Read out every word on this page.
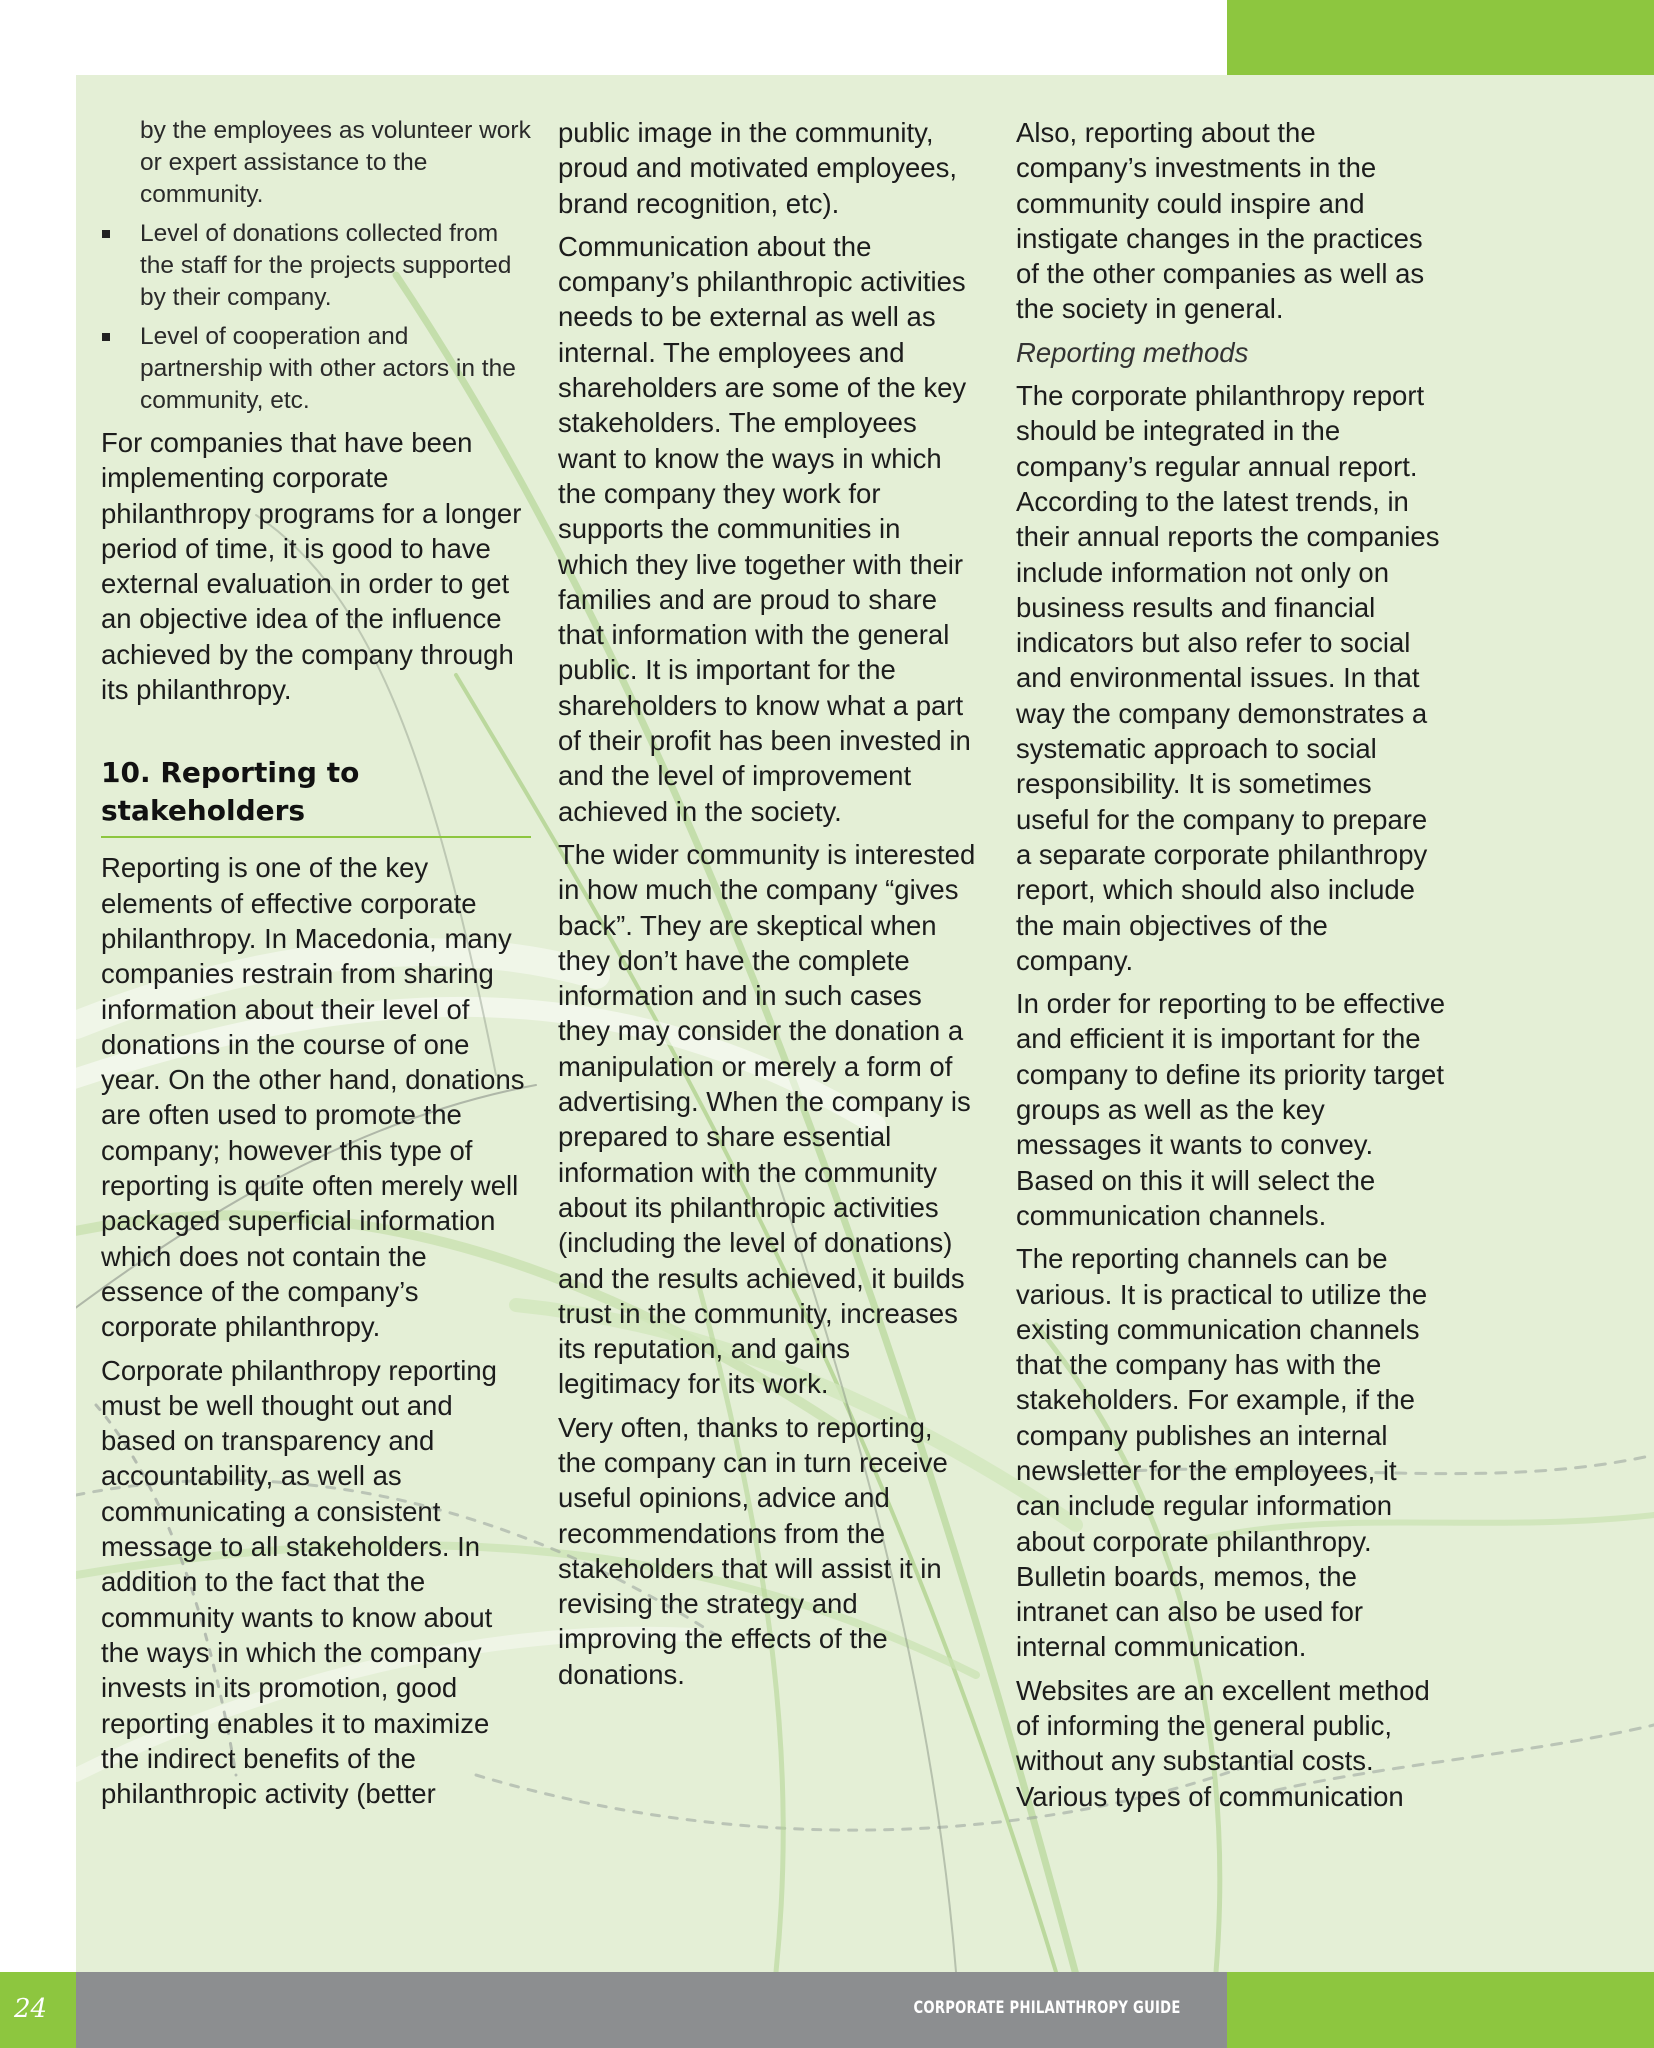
by the employees as volunteer work or expert assistance to the community.
Level of donations collected from the staff for the projects supported by their company.
Level of cooperation and partnership with other actors in the community, etc.

For companies that have been implementing corporate philanthropy programs for a longer period of time, it is good to have external evaluation in order to get an objective idea of the influence achieved by the company through its philanthropy.

10. Reporting to stakeholders

Reporting is one of the key elements of effective corporate philanthropy. In Macedonia, many companies restrain from sharing information about their level of donations in the course of one year. On the other hand, donations are often used to promote the company; however this type of reporting is quite often merely well packaged superficial information which does not contain the essence of the company’s corporate philanthropy.

Corporate philanthropy reporting must be well thought out and based on transparency and accountability, as well as communicating a consistent message to all stakeholders. In addition to the fact that the community wants to know about the ways in which the company invests in its promotion, good reporting enables it to maximize the indirect benefits of the philanthropic activity (better

public image in the community, proud and motivated employees, brand recognition, etc).

Communication about the company’s philanthropic activities needs to be external as well as internal. The employees and shareholders are some of the key stakeholders. The employees want to know the ways in which the company they work for supports the communities in which they live together with their families and are proud to share that information with the general public. It is important for the shareholders to know what a part of their profit has been invested in and the level of improvement achieved in the society.

The wider community is interested in how much the company “gives back”. They are skeptical when they don’t have the complete information and in such cases they may consider the donation a manipulation or merely a form of advertising. When the company is prepared to share essential information with the community about its philanthropic activities (including the level of donations) and the results achieved, it builds trust in the community, increases its reputation, and gains legitimacy for its work.

Very often, thanks to reporting, the company can in turn receive useful opinions, advice and recommendations from the stakeholders that will assist it in revising the strategy and improving the effects of the donations.

Also, reporting about the company’s investments in the community could inspire and instigate changes in the practices of the other companies as well as the society in general.

Reporting methods

The corporate philanthropy report should be integrated in the company’s regular annual report. According to the latest trends, in their annual reports the companies include information not only on business results and financial indicators but also refer to social and environmental issues. In that way the company demonstrates a systematic approach to social responsibility. It is sometimes useful for the company to prepare a separate corporate philanthropy report, which should also include the main objectives of the company.

In order for reporting to be effective and efficient it is important for the company to define its priority target groups as well as the key messages it wants to convey. Based on this it will select the communication channels.

The reporting channels can be various. It is practical to utilize the existing communication channels that the company has with the stakeholders. For example, if the company publishes an internal newsletter for the employees, it can include regular information about corporate philanthropy. Bulletin boards, memos, the intranet can also be used for internal communication.

Websites are an excellent method of informing the general public, without any substantial costs. Various types of communication

24	CORPORATE PHILANTHROPY GUIDE
